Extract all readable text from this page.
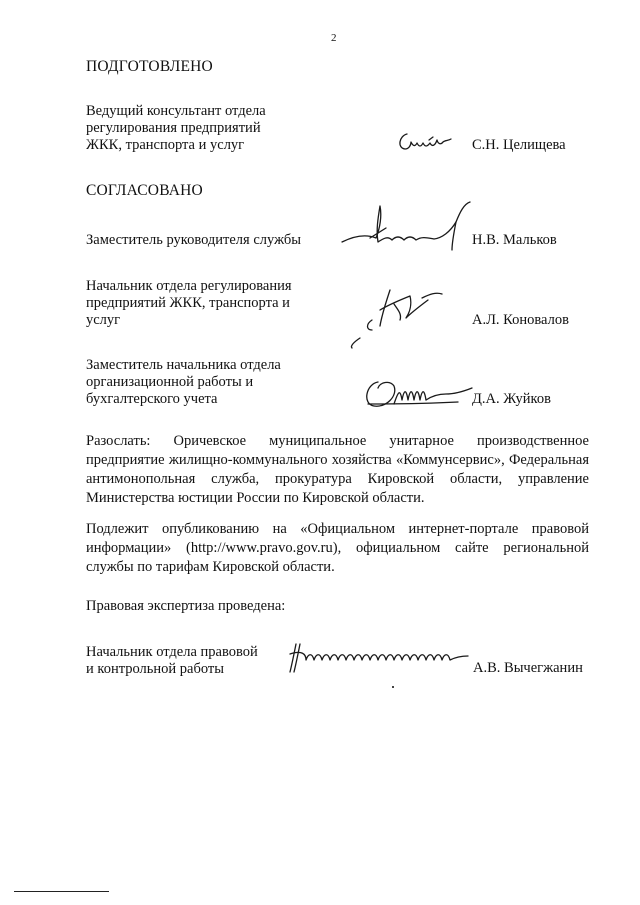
2
ПОДГОТОВЛЕНО
Ведущий консультант отдела
регулирования предприятий
ЖКК, транспорта и услуг	С.Н. Целищева
СОГЛАСОВАНО
Заместитель руководителя службы	Н.В. Мальков
Начальник отдела регулирования
предприятий ЖКК, транспорта и
услуг	А.Л. Коновалов
Заместитель начальника отдела
организационной работы и
бухгалтерского учета	Д.А. Жуйков
Разослать: Оричевское муниципальное унитарное производственное предприятие жилищно-коммунального хозяйства «Коммунсервис», Федеральная антимонопольная служба, прокуратура Кировской области, управление Министерства юстиции России по Кировской области.
Подлежит опубликованию на «Официальном интернет-портале правовой информации» (http://www.pravo.gov.ru), официальном сайте региональной службы по тарифам Кировской области.
Правовая экспертиза проведена:
Начальник отдела правовой
и контрольной работы	А.В. Вычегжанин
